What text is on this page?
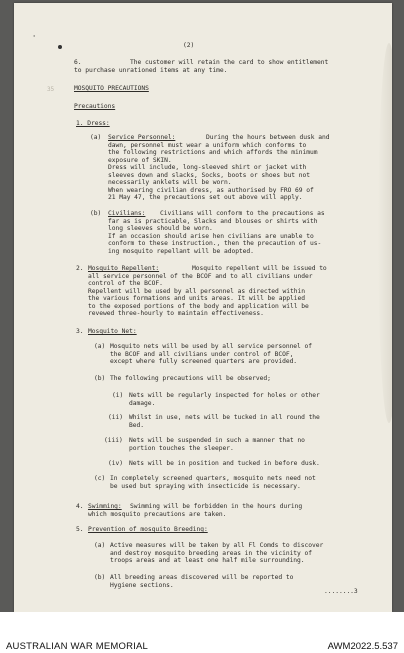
'
35
(2)
6.	The customer will retain the card to show entitlement
to purchase unrationed items at any time.
MOSQUITO PRECAUTIONS
Precautions
1. Dress:
(a) Service Personnel:	During the hours between dusk and
dawn, personnel must wear a uniform which conforms to
the following restrictions and which affords the minimum
exposure of SKIN.
Dress will include, long-sleeved shirt or jacket with
sleeves down and slacks, Socks, boots or shoes but not
necessarily anklets will be worn.
When wearing civilian dress, as authorised by FRO 69 of
21 May 47, the precautions set out above will apply.
(b) Civilians: Civilians will conform to the precautions as
far as is practicable, Slacks and blouses or shirts with
long sleeves should be worn.
If an occasion should arise hen civilians are unable to
conform to these instruction., then the precaution of us-
ing mosquito repellant will be adopted.
2. Mosquito Repellent:	Mosquito repellent will be issued to
all service personnel of the BCOF and to all civilians under
control of the BCOF.
Repellent will be used by all personnel as directed within
the various formations and units areas. It will be applied
to the exposed portions of the body and application will be
revewed three-hourly to maintain effectiveness.
3. Mosquito Net:
(a) Mosquito nets will be used by all service personnel of
the BCOF and all civilians under control of BCOF,
except where fully screened quarters are provided.
(b) The following precautions will be observed;
(i) Nets will be regularly inspected for holes or other
damage.
(ii) Whilst in use, nets will be tucked in all round the
Bed.
(iii) Nets will be suspended in such a manner that no
portion touches the sleeper.
(iv) Nets will be in position and tucked in before dusk.
(c) In completely screened quarters, mosquito nets need not
be used but spraying with insecticide is necessary.
4. Swimming: Swimming will be forbidden in the hours during
which mosquito precautions are taken.
5. Prevention of mosquito Breeding:
(a) Active measures will be taken by all Fl Comds to discover
and destroy mosquito breeding areas in the vicinity of
troops areas and at least one half mile surrounding.
(b) All breeding areas discovered will be reported to
Hygiene sections.
........3
AUSTRALIAN WAR MEMORIAL	AWM2022.5.537
